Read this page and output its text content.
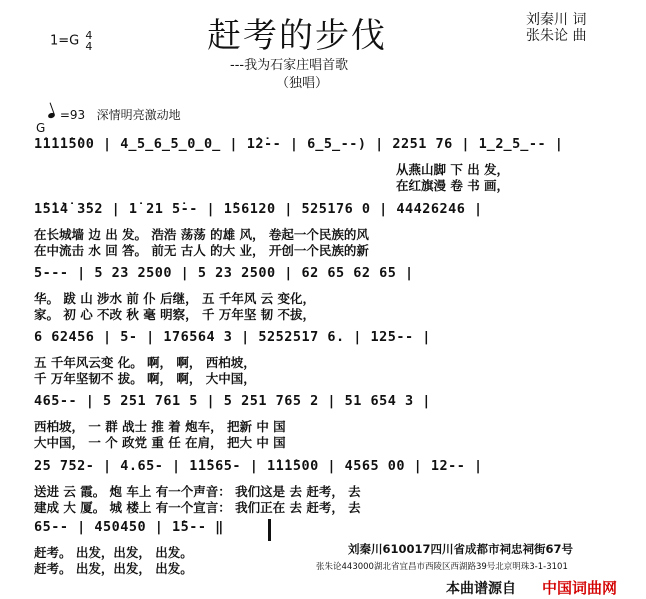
赶考的步伐
1=G 4
4
刘秦川 词
张朱论 曲
---我为石家庄唱首歌
（独唱）
=93 深情明亮激动地
G
1̇1̇1̇1̇5̇00 | 4̲5̲6̲5̲0̲0̲ | 1̇2̇-- | 6̲5̲--) | 2251 76 | 1̲2̲5̲-- |
从燕山脚 下 出 发，
在红旗漫 卷 书 画，
1̇5̇1̇4̇ 3̇52 | 1̇ 21 5̇-- | 1̇56120 | 525176 0 | 44426246 |
在长城墙 边 出 发。 浩浩 荡荡 的雄 风， 卷起一个民族的风
在中流击 水 回 答。 前无 古人 的大 业， 开创一个民族的新
5--- | 5 23 2500 | 5 23 2500 | 62 65 62 65 |
华。 跋 山 涉水 前 仆 后继， 五 千年风 云 变化，
家。 初 心 不改 秋 毫 明察， 千 万年坚 韧 不拔，
6 62456 | 5- | 176564 3 | 5252517 6. | 125-- |
五 千年风云变 化。 啊， 啊， 西柏坡，
千 万年坚韧不 拔。 啊， 啊， 大中国，
465-- | 5 251 761 5 | 5 251 765 2 | 51 654 3 |
西柏坡， 一 群 战士 推 着 炮车， 把新 中 国
大中国， 一 个 政党 重 任 在肩， 把大 中 国
25 752- | 4.65- | 1̇1̇565- | 1̇1̇1̇500 | 4565 00 | 12-- |
送进 云 霞。 炮 车上 有一个声音： 我们这是 去 赶考， 去
建成 大 厦。 城 楼上 有一个宣言： 我们正在 去 赶考， 去
65-- | 450450 | 1̇5-- ‖
赶考。 出发，出发， 出发。
赶考。 出发，出发， 出发。
刘秦川610017四川省成都市祠忠祠街67号
张朱论443000湖北省宜昌市西陵区西湖路39号北京明珠3-1-3101
本曲谱源自 中国词曲网
